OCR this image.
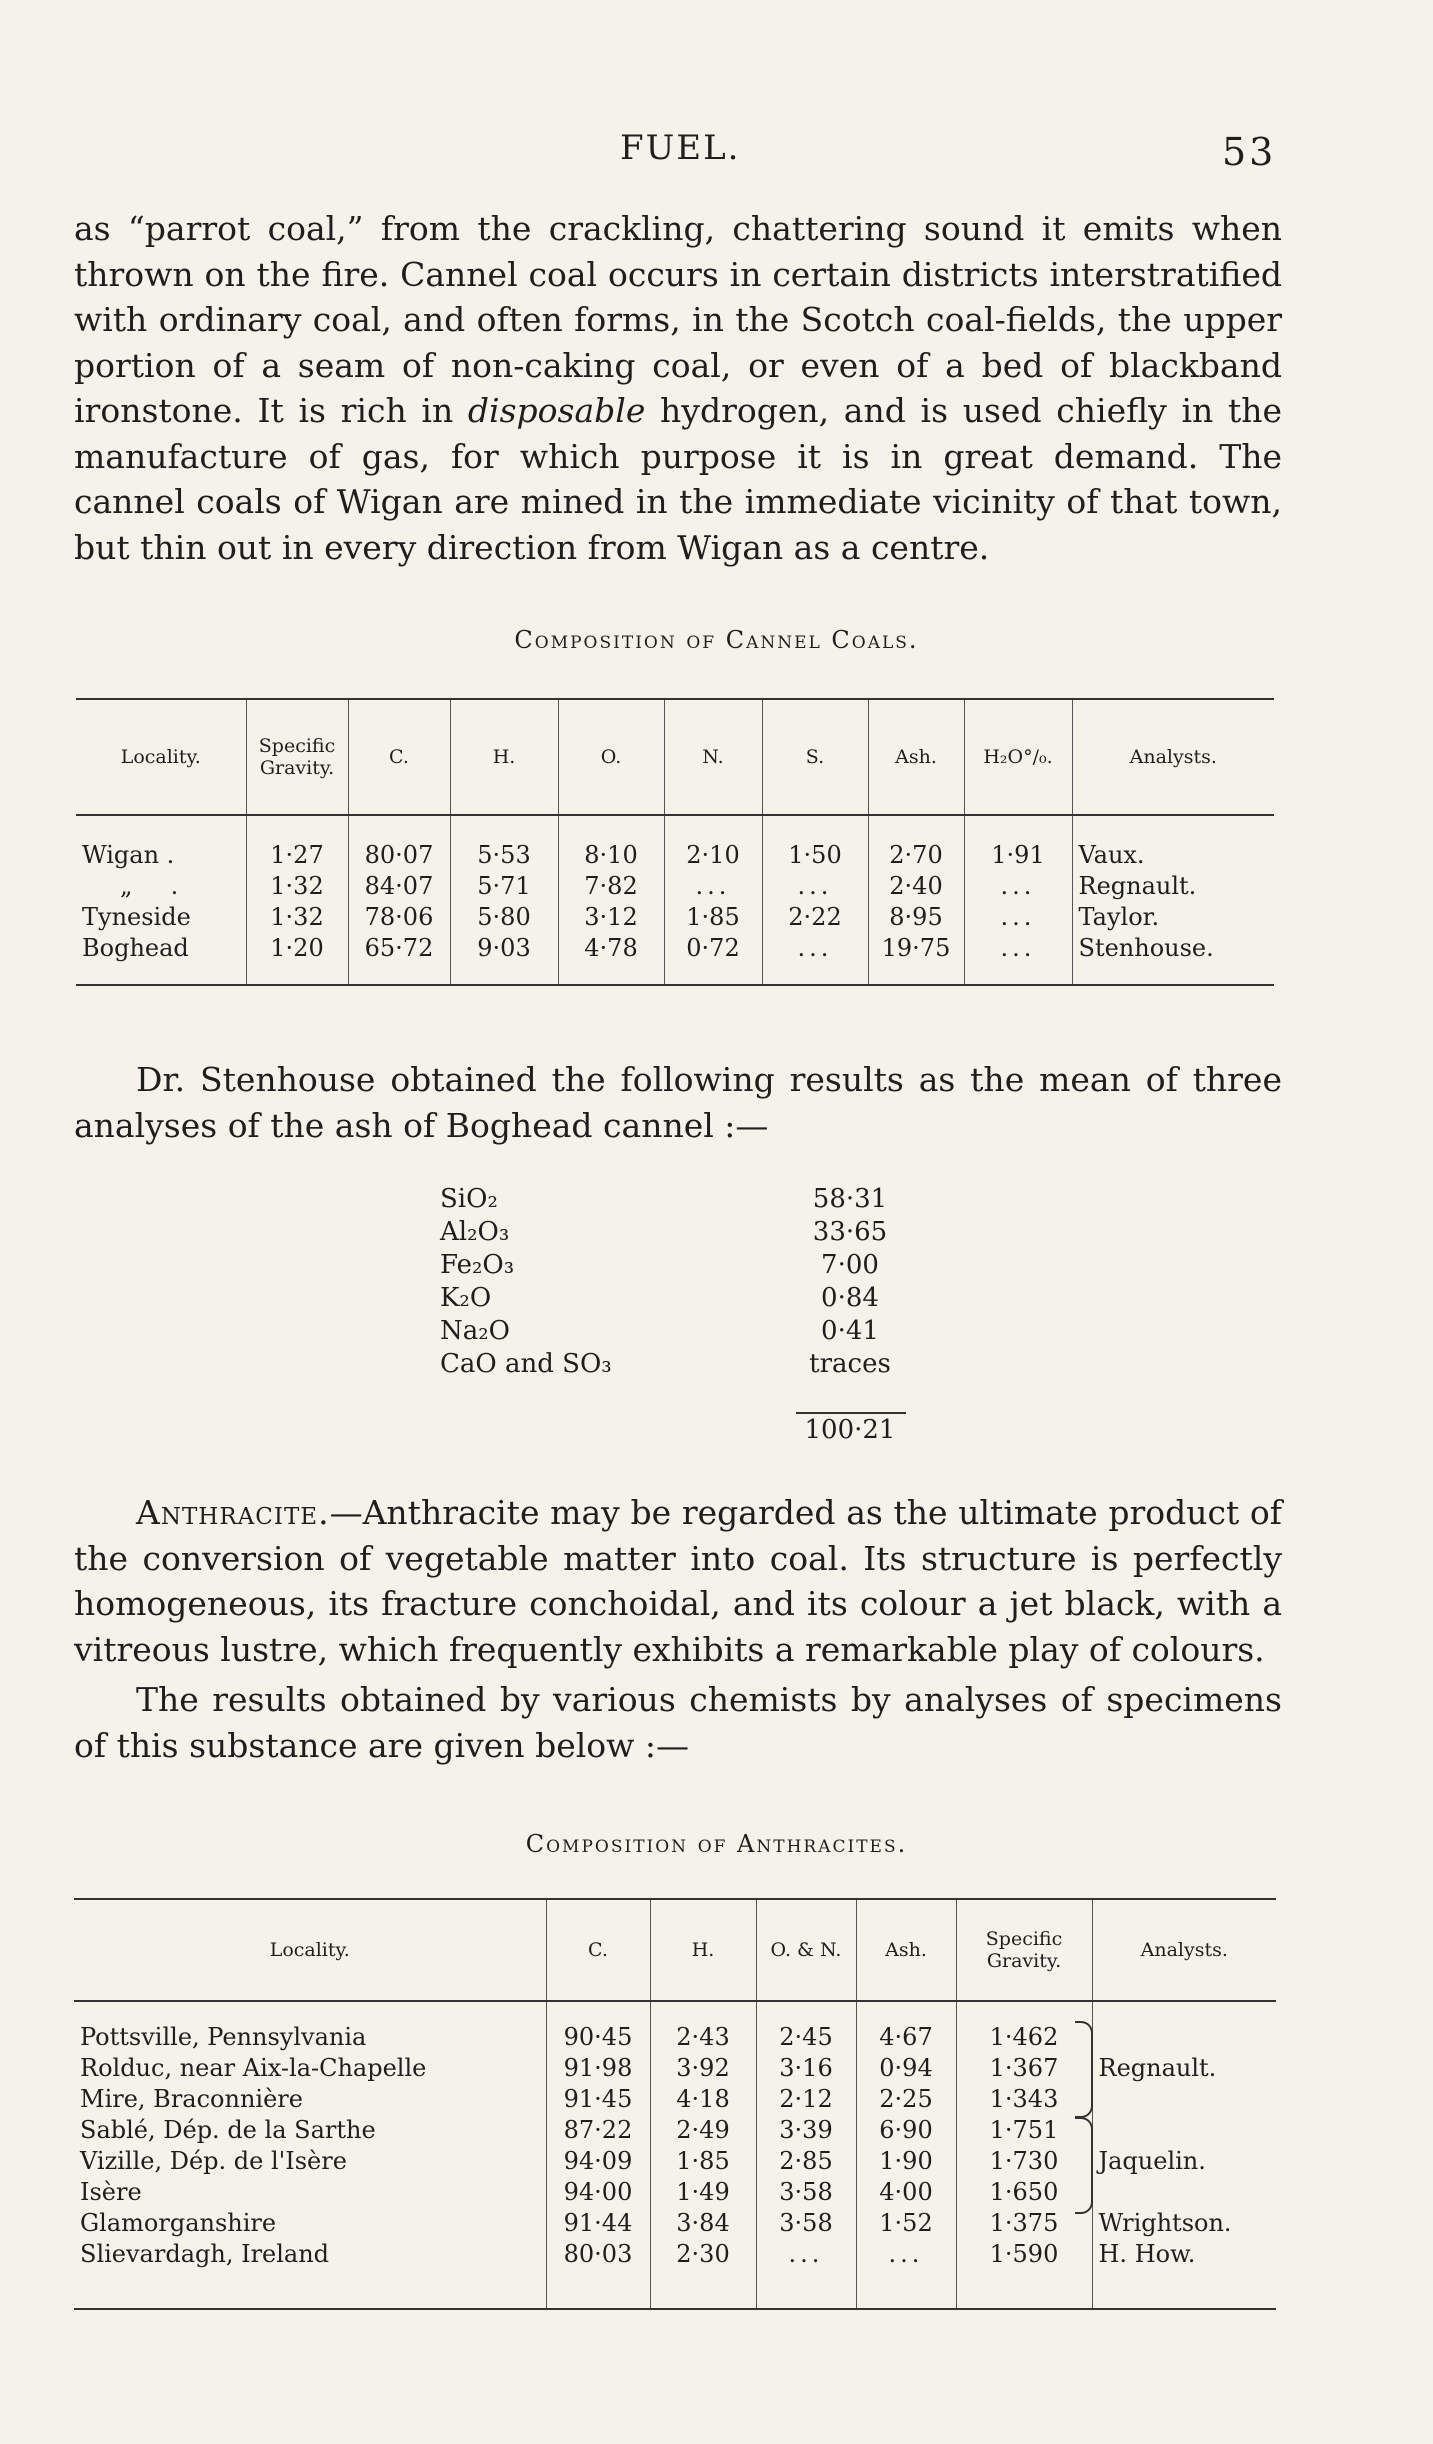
FUEL.	53

as “parrot coal,” from the crackling, chattering sound it emits when thrown on the fire. Cannel coal occurs in certain districts interstratified with ordinary coal, and often forms, in the Scotch coal-fields, the upper portion of a seam of non-caking coal, or even of a bed of blackband ironstone. It is rich in disposable hydrogen, and is used chiefly in the manufacture of gas, for which purpose it is in great demand. The cannel coals of Wigan are mined in the immediate vicinity of that town, but thin out in every direction from Wigan as a centre.

Composition of Cannel Coals.
Locality.	Specific Gravity.	C.	H.	O.	N.	S.	Ash.	H₂O°/₀.	Analysts.
Wigan .	1·27	80·07	5·53	8·10	2·10	1·50	2·70	1·91	Vaux.
„     .	1·32	84·07	5·71	7·82	...	...	2·40	...	Regnault.
Tyneside	1·32	78·06	5·80	3·12	1·85	2·22	8·95	...	Taylor.
Boghead	1·20	65·72	9·03	4·78	0·72	...	19·75	...	Stenhouse.

Dr. Stenhouse obtained the following results as the mean of three analyses of the ash of Boghead cannel :—

SiO₂	58·31
Al₂O₃	33·65
Fe₂O₃	7·00
K₂O	0·84
Na₂O	0·41
CaO and SO₃	traces
100·21

Anthracite.—Anthracite may be regarded as the ultimate product of the conversion of vegetable matter into coal. Its structure is perfectly homogeneous, its fracture conchoidal, and its colour a jet black, with a vitreous lustre, which frequently exhibits a remarkable play of colours.

The results obtained by various chemists by analyses of specimens of this substance are given below :—

Composition of Anthracites.
Locality.	C.	H.	O. & N.	Ash.	Specific Gravity.	Analysts.
Pottsville, Pennsylvania	90·45	2·43	2·45	4·67	1·462	Regnault.
Rolduc, near Aix-la-Chapelle	91·98	3·92	3·16	0·94	1·367	
Mire, Braconnière	91·45	4·18	2·12	2·25	1·343	
Sablé, Dép. de la Sarthe	87·22	2·49	3·39	6·90	1·751	Jaquelin.
Vizille, Dép. de l'Isère	94·09	1·85	2·85	1·90	1·730	
Isère	94·00	1·49	3·58	4·00	1·650	
Glamorganshire	91·44	3·84	3·58	1·52	1·375	Wrightson.
Slievardagh, Ireland	80·03	2·30	...	...	1·590	H. How.
